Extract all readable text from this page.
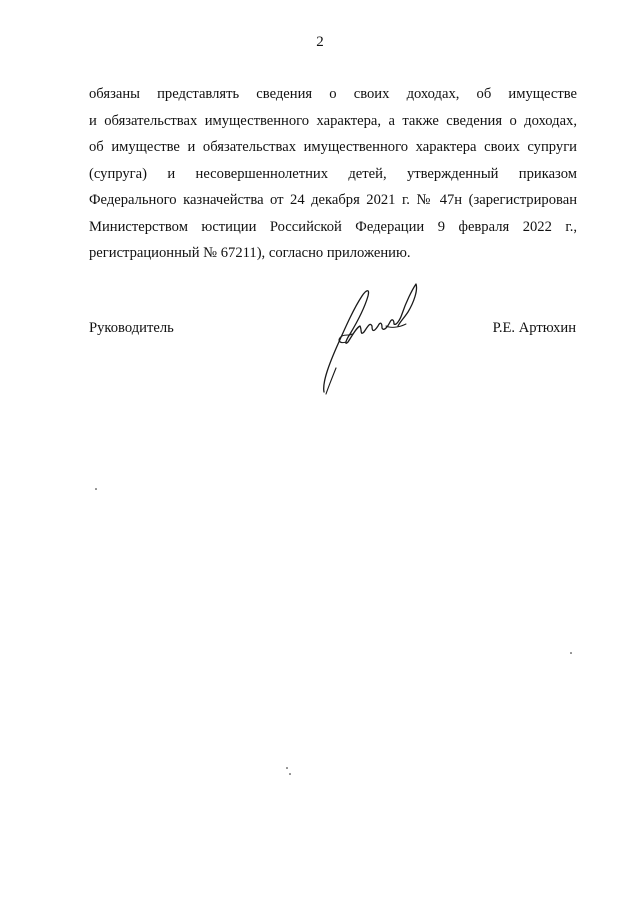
2
обязаны представлять сведения о своих доходах, об имуществе
и обязательствах имущественного характера, а также сведения о доходах,
об имуществе и обязательствах имущественного характера своих супруги
(супруга) и несовершеннолетних детей, утвержденный приказом
Федерального казначейства от 24 декабря 2021 г. № 47н (зарегистрирован
Министерством юстиции Российской Федерации 9 февраля 2022 г.,
регистрационный № 67211), согласно приложению.
Руководитель	Р.Е. Артюхин
